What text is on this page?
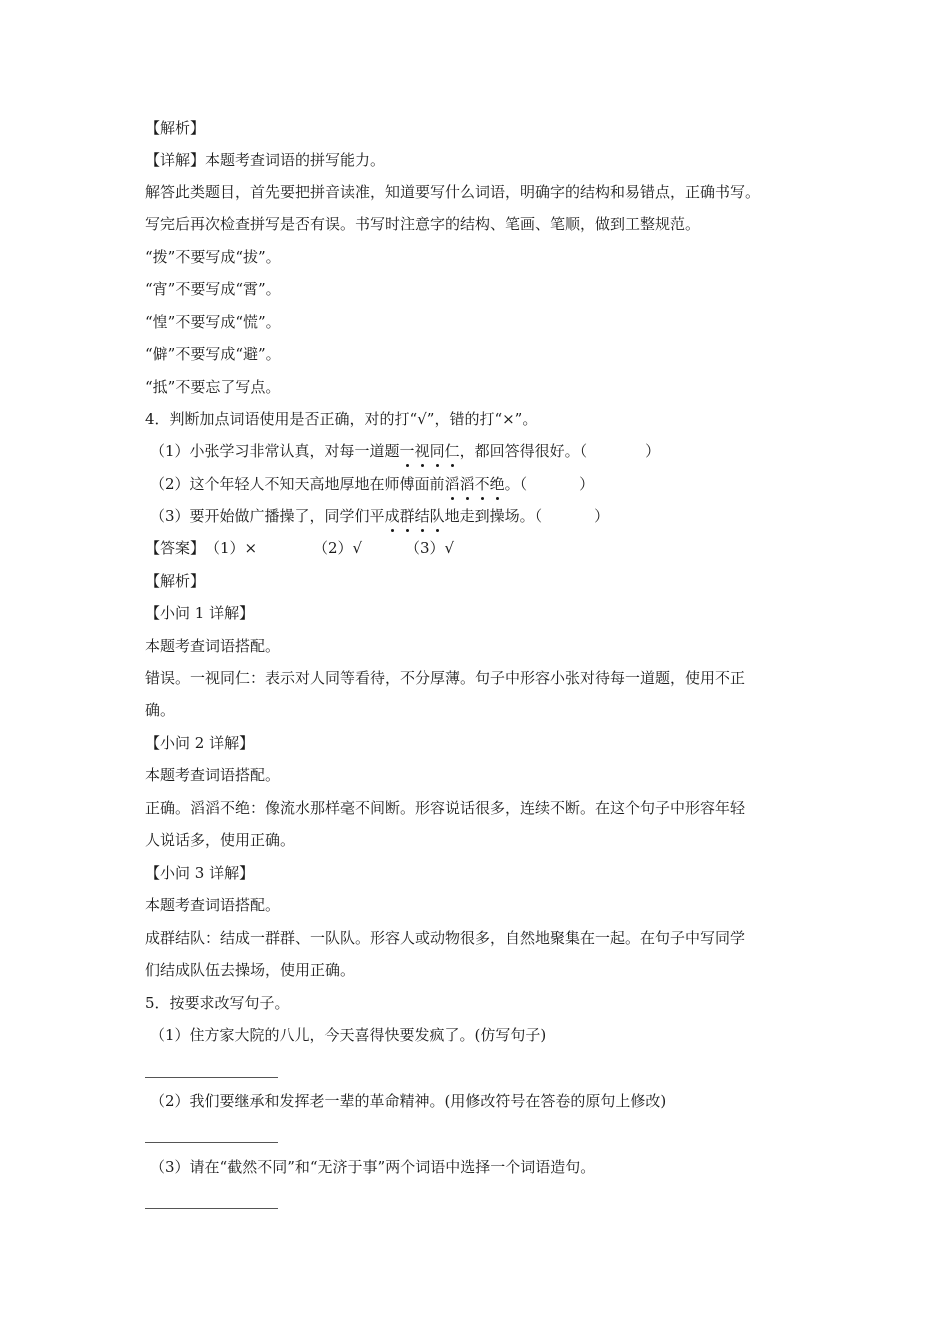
【解析】
【详解】本题考查词语的拼写能力。
解答此类题目，首先要把拼音读准，知道要写什么词语，明确字的结构和易错点，正确书写。
写完后再次检查拼写是否有误。书写时注意字的结构、笔画、笔顺，做到工整规范。
“拨”不要写成“拔”。
“宵”不要写成“霄”。
“惶”不要写成“慌”。
“僻”不要写成“避”。
“抵”不要忘了写点。
4．判断加点词语使用是否正确，对的打“√”，错的打“×”。
（1）小张学习非常认真，对每一道题一视同仁，都回答得很好。（	）
（2）这个年轻人不知天高地厚地在师傅面前滔滔不绝。（	）
（3）要开始做广播操了，同学们平成群结队地走到操场。（	）
【答案】（1）×	（2）√	（3）√
【解析】
【小问 1 详解】
本题考查词语搭配。
错误。一视同仁：表示对人同等看待，不分厚薄。句子中形容小张对待每一道题，使用不正
确。
【小问 2 详解】
本题考查词语搭配。
正确。滔滔不绝：像流水那样毫不间断。形容说话很多，连续不断。在这个句子中形容年轻
人说话多，使用正确。
【小问 3 详解】
本题考查词语搭配。
成群结队：结成一群群、一队队。形容人或动物很多，自然地聚集在一起。在句子中写同学
们结成队伍去操场，使用正确。
5．按要求改写句子。
（1）住方家大院的八儿，今天喜得快要发疯了。(仿写句子)
（2）我们要继承和发挥老一辈的革命精神。(用修改符号在答卷的原句上修改)
（3）请在“截然不同”和“无济于事”两个词语中选择一个词语造句。
